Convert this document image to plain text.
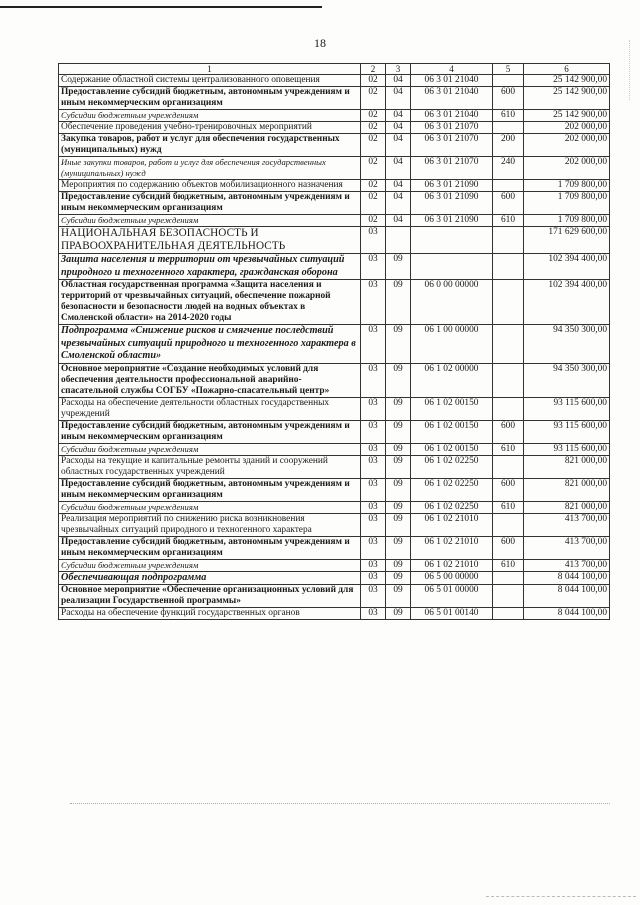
18
1	2	3	4	5	6
Содержание областной системы централизованного оповещения	02	04	06 3 01 21040		25 142 900,00
Предоставление субсидий бюджетным, автономным учреждениям и иным некоммерческим организациям	02	04	06 3 01 21040	600	25 142 900,00
Субсидии бюджетным учреждениям	02	04	06 3 01 21040	610	25 142 900,00
Обеспечение проведения учебно-тренировочных мероприятий	02	04	06 3 01 21070		202 000,00
Закупка товаров, работ и услуг для обеспечения государственных (муниципальных) нужд	02	04	06 3 01 21070	200	202 000,00
Иные закупки товаров, работ и услуг для обеспечения государственных (муниципальных) нужд	02	04	06 3 01 21070	240	202 000,00
Мероприятия по содержанию объектов мобилизационного назначения	02	04	06 3 01 21090		1 709 800,00
Предоставление субсидий бюджетным, автономным учреждениям и иным некоммерческим организациям	02	04	06 3 01 21090	600	1 709 800,00
Субсидии бюджетным учреждениям	02	04	06 3 01 21090	610	1 709 800,00
НАЦИОНАЛЬНАЯ БЕЗОПАСНОСТЬ И ПРАВООХРАНИТЕЛЬНАЯ ДЕЯТЕЛЬНОСТЬ	03				171 629 600,00
Защита населения и территории от чрезвычайных ситуаций природного и техногенного характера, гражданская оборона	03	09			102 394 400,00
Областная государственная программа «Защита населения и территорий от чрезвычайных ситуаций, обеспечение пожарной безопасности и безопасности людей на водных объектах в Смоленской области» на 2014-2020 годы	03	09	06 0 00 00000		102 394 400,00
Подпрограмма «Снижение рисков и смягчение последствий чрезвычайных ситуаций природного и техногенного характера в Смоленской области»	03	09	06 1 00 00000		94 350 300,00
Основное мероприятие «Создание необходимых условий для обеспечения деятельности профессиональной аварийно-спасательной службы СОГБУ «Пожарно-спасательный центр»	03	09	06 1 02 00000		94 350 300,00
Расходы на обеспечение деятельности областных государственных учреждений	03	09	06 1 02 00150		93 115 600,00
Предоставление субсидий бюджетным, автономным учреждениям и иным некоммерческим организациям	03	09	06 1 02 00150	600	93 115 600,00
Субсидии бюджетным учреждениям	03	09	06 1 02 00150	610	93 115 600,00
Расходы на текущие и капитальные ремонты зданий и сооружений областных государственных учреждений	03	09	06 1 02 02250		821 000,00
Предоставление субсидий бюджетным, автономным учреждениям и иным некоммерческим организациям	03	09	06 1 02 02250	600	821 000,00
Субсидии бюджетным учреждениям	03	09	06 1 02 02250	610	821 000,00
Реализация мероприятий по снижению риска возникновения чрезвычайных ситуаций природного и техногенного характера	03	09	06 1 02 21010		413 700,00
Предоставление субсидий бюджетным, автономным учреждениям и иным некоммерческим организациям	03	09	06 1 02 21010	600	413 700,00
Субсидии бюджетным учреждениям	03	09	06 1 02 21010	610	413 700,00
Обеспечивающая подпрограмма	03	09	06 5 00 00000		8 044 100,00
Основное мероприятие «Обеспечение организационных условий для реализации Государственной программы»	03	09	06 5 01 00000		8 044 100,00
Расходы на обеспечение функций государственных органов	03	09	06 5 01 00140		8 044 100,00
